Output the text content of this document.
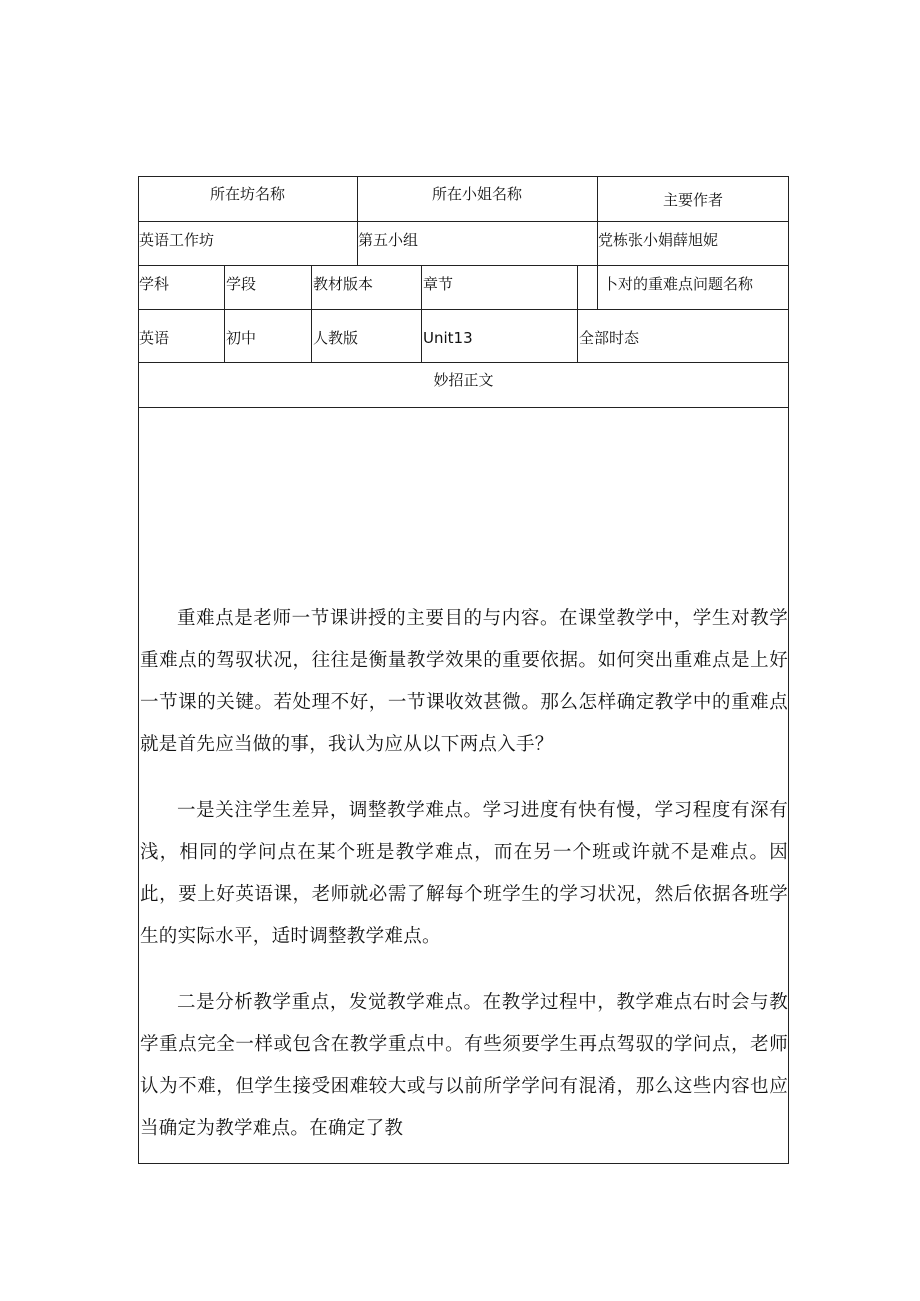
所在坊名称	所在小姐名称	主要作者
英语工作坊	第五小组	党栋张小娟薛旭妮
学科	学段	教材版本	章节	卜对的重难点问题名称
英语	初中	人教版	Unit13	全部时态
妙招正文

重难点是老师一节课讲授的主要目的与内容。在课堂教学中，学生对教学重难点的驾驭状况，往往是衡量教学效果的重要依据。如何突出重难点是上好一节课的关键。若处理不好，一节课收效甚微。那么怎样确定教学中的重难点就是首先应当做的事，我认为应从以下两点入手？

一是关注学生差异，调整教学难点。学习进度有快有慢，学习程度有深有浅，相同的学问点在某个班是教学难点，而在另一个班或许就不是难点。因此，要上好英语课，老师就必需了解每个班学生的学习状况，然后依据各班学生的实际水平，适时调整教学难点。

二是分析教学重点，发觉教学难点。在教学过程中，教学难点右时会与教学重点完全一样或包含在教学重点中。有些须要学生再点驾驭的学问点，老师认为不难，但学生接受困难较大或与以前所学学问有混淆，那么这些内容也应当确定为教学难点。在确定了教
